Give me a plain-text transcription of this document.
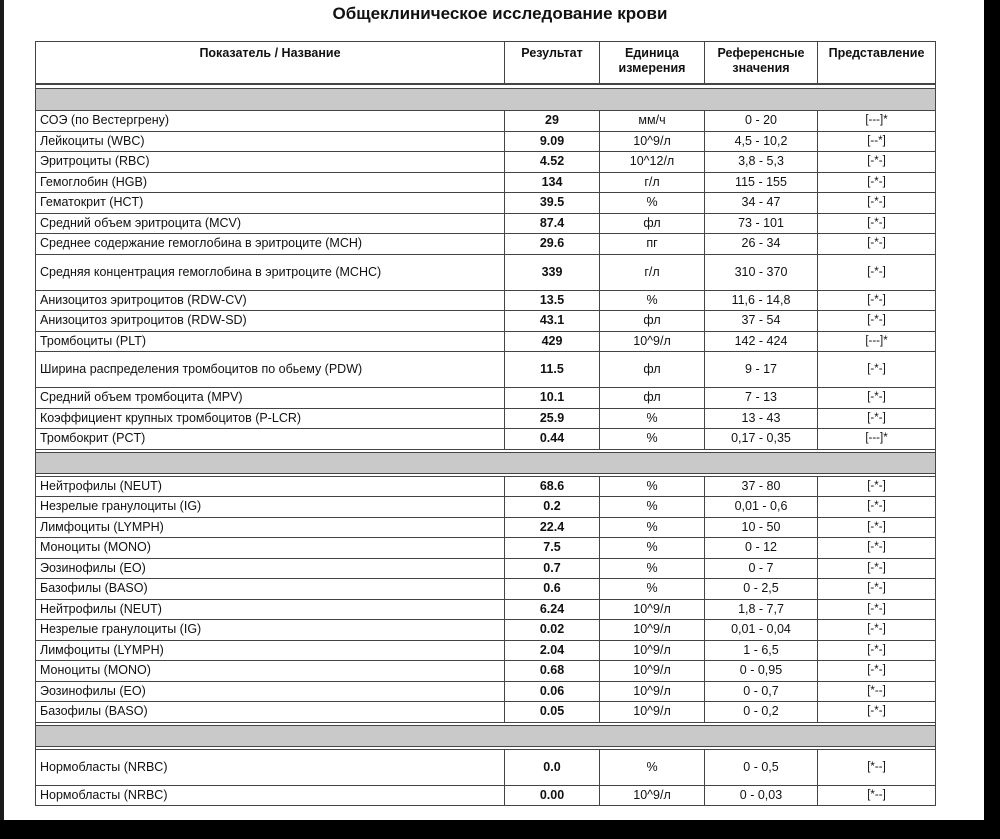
Общеклиническое исследование крови
Показатель / Название	Результат	Единица измерения	Референсные значения	Представление

СОЭ (по Вестергрену)	29	мм/ч	0 - 20	[---]*
Лейкоциты (WBC)	9.09	10^9/л	4,5 - 10,2	[--*]
Эритроциты (RBC)	4.52	10^12/л	3,8 - 5,3	[-*-]
Гемоглобин (HGB)	134	г/л	115 - 155	[-*-]
Гематокрит (HCT)	39.5	%	34 - 47	[-*-]
Средний объем эритроцита (MCV)	87.4	фл	73 - 101	[-*-]
Среднее содержание гемоглобина в эритроците (MCH)	29.6	пг	26 - 34	[-*-]
Средняя концентрация гемоглобина в эритроците (MCHC)	339	г/л	310 - 370	[-*-]
Анизоцитоз эритроцитов (RDW-CV)	13.5	%	11,6 - 14,8	[-*-]
Анизоцитоз эритроцитов (RDW-SD)	43.1	фл	37 - 54	[-*-]
Тромбоциты (PLT)	429	10^9/л	142 - 424	[---]*
Ширина распределения тромбоцитов по обьему (PDW)	11.5	фл	9 - 17	[-*-]
Средний объем тромбоцита (MPV)	10.1	фл	7 - 13	[-*-]
Коэффициент крупных тромбоцитов (P-LCR)	25.9	%	13 - 43	[-*-]
Тромбокрит (PCT)	0.44	%	0,17 - 0,35	[---]*

Нейтрофилы (NEUT)	68.6	%	37 - 80	[-*-]
Незрелые гранулоциты (IG)	0.2	%	0,01 - 0,6	[-*-]
Лимфоциты (LYMPH)	22.4	%	10 - 50	[-*-]
Моноциты (MONO)	7.5	%	0 - 12	[-*-]
Эозинофилы (EO)	0.7	%	0 - 7	[-*-]
Базофилы (BASO)	0.6	%	0 - 2,5	[-*-]
Нейтрофилы (NEUT)	6.24	10^9/л	1,8 - 7,7	[-*-]
Незрелые гранулоциты (IG)	0.02	10^9/л	0,01 - 0,04	[-*-]
Лимфоциты (LYMPH)	2.04	10^9/л	1 - 6,5	[-*-]
Моноциты (MONO)	0.68	10^9/л	0 - 0,95	[-*-]
Эозинофилы (EO)	0.06	10^9/л	0 - 0,7	[*--]
Базофилы (BASO)	0.05	10^9/л	0 - 0,2	[-*-]

Нормобласты (NRBC)	0.0	%	0 - 0,5	[*--]
Нормобласты (NRBC)	0.00	10^9/л	0 - 0,03	[*--]
